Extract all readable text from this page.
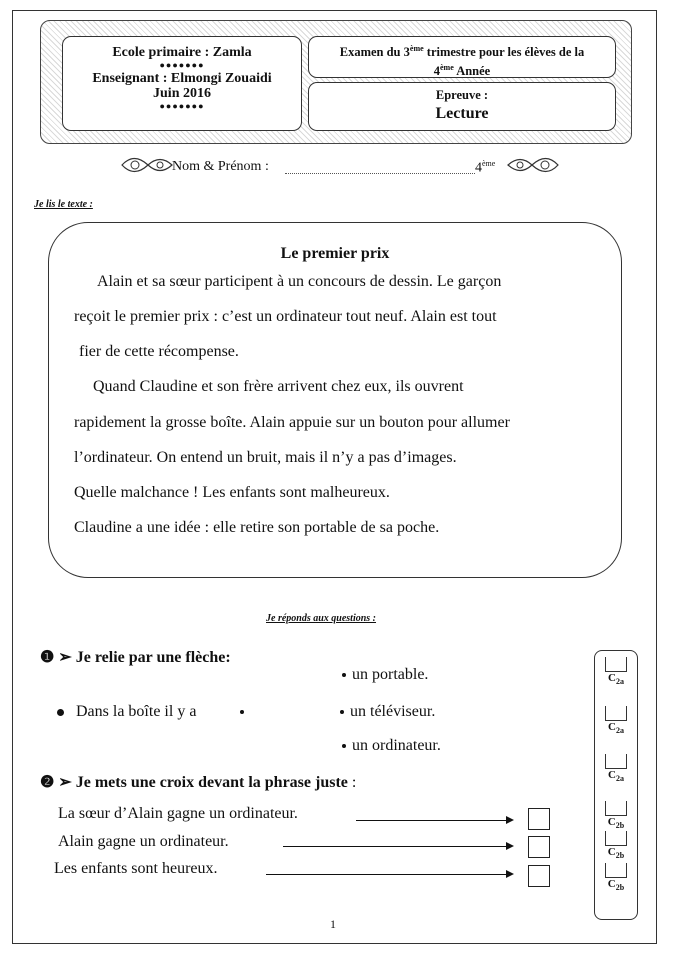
Ecole primaire : Zamla
●●●●●●●
Enseignant : Elmongi Zouaidi
Juin 2016
●●●●●●●
Examen du 3ème trimestre pour les élèves de la
4ème Année
Epreuve :
Lecture
Nom & Prénom :	4ème
Je lis le texte :
Le premier prix
Alain et sa sœur participent à un concours de dessin. Le garçon
reçoit le premier prix : c’est un ordinateur tout neuf. Alain est tout
fier de cette récompense.
Quand Claudine et son frère arrivent chez eux, ils ouvrent
rapidement la grosse boîte. Alain appuie sur un bouton pour allumer
l’ordinateur. On entend un bruit, mais il n’y a pas d’images.
Quelle malchance ! Les enfants sont malheureux.
Claudine a une idée : elle retire son portable de sa poche.
Je réponds aux questions :
❶ ➢ Je relie par une flèche:
un portable.
Dans la boîte il y a	un téléviseur.
un ordinateur.
❷ ➢ Je mets une croix devant la phrase juste :
La sœur d’Alain gagne un ordinateur.
Alain gagne un ordinateur.
Les enfants sont heureux.
$C_{2a}$
$C_{2a}$
$C_{2a}$
$C_{2b}$
$C_{2b}$
$C_{2b}$
1
